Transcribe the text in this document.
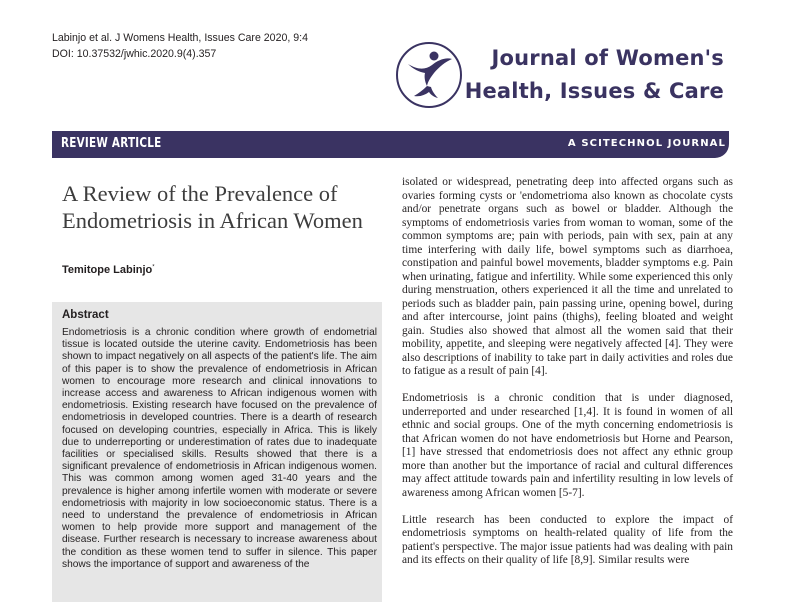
Labinjo et al. J Womens Health, Issues Care 2020, 9:4
DOI: 10.37532/jwhic.2020.9(4).357	Journal of Women's
Health, Issues & Care
REVIEW ARTICLE	A SCITECHNOL JOURNAL
A Review of the Prevalence of Endometriosis in African Women
Temitope Labinjo*
Abstract

Endometriosis is a chronic condition where growth of endometrial tissue is located outside the uterine cavity. Endometriosis has been shown to impact negatively on all aspects of the patient's life. The aim of this paper is to show the prevalence of endometriosis in African women to encourage more research and clinical innovations to increase access and awareness to African indigenous women with endometriosis. Existing research have focused on the prevalence of endometriosis in developed countries. There is a dearth of research focused on developing countries, especially in Africa. This is likely due to underreporting or underestimation of rates due to inadequate facilities or specialised skills. Results showed that there is a significant prevalence of endometriosis in African indigenous women. This was common among women aged 31-40 years and the prevalence is higher among infertile women with moderate or severe endometriosis with majority in low socioeconomic status. There is a need to understand the prevalence of endometriosis in African women to help provide more support and management of the disease. Further research is necessary to increase awareness about the condition as these women tend to suffer in silence. This paper shows the importance of support and awareness of the

isolated or widespread, penetrating deep into affected organs such as ovaries forming cysts or 'endometrioma also known as chocolate cysts and/or penetrate organs such as bowel or bladder. Although the symptoms of endometriosis varies from woman to woman, some of the common symptoms are; pain with periods, pain with sex, pain at any time interfering with daily life, bowel symptoms such as diarrhoea, constipation and painful bowel movements, bladder symptoms e.g. Pain when urinating, fatigue and infertility. While some experienced this only during menstruation, others experienced it all the time and unrelated to periods such as bladder pain, pain passing urine, opening bowel, during and after intercourse, joint pains (thighs), feeling bloated and weight gain. Studies also showed that almost all the women said that their mobility, appetite, and sleeping were negatively affected [4]. They were also descriptions of inability to take part in daily activities and roles due to fatigue as a result of pain [4].

Endometriosis is a chronic condition that is under diagnosed, underreported and under researched [1,4]. It is found in women of all ethnic and social groups. One of the myth concerning endometriosis is that African women do not have endometriosis but Horne and Pearson, [1] have stressed that endometriosis does not affect any ethnic group more than another but the importance of racial and cultural differences may affect attitude towards pain and infertility resulting in low levels of awareness among African women [5-7].

Little research has been conducted to explore the impact of endometriosis symptoms on health-related quality of life from the patient's perspective. The major issue patients had was dealing with pain and its effects on their quality of life [8,9]. Similar results were
